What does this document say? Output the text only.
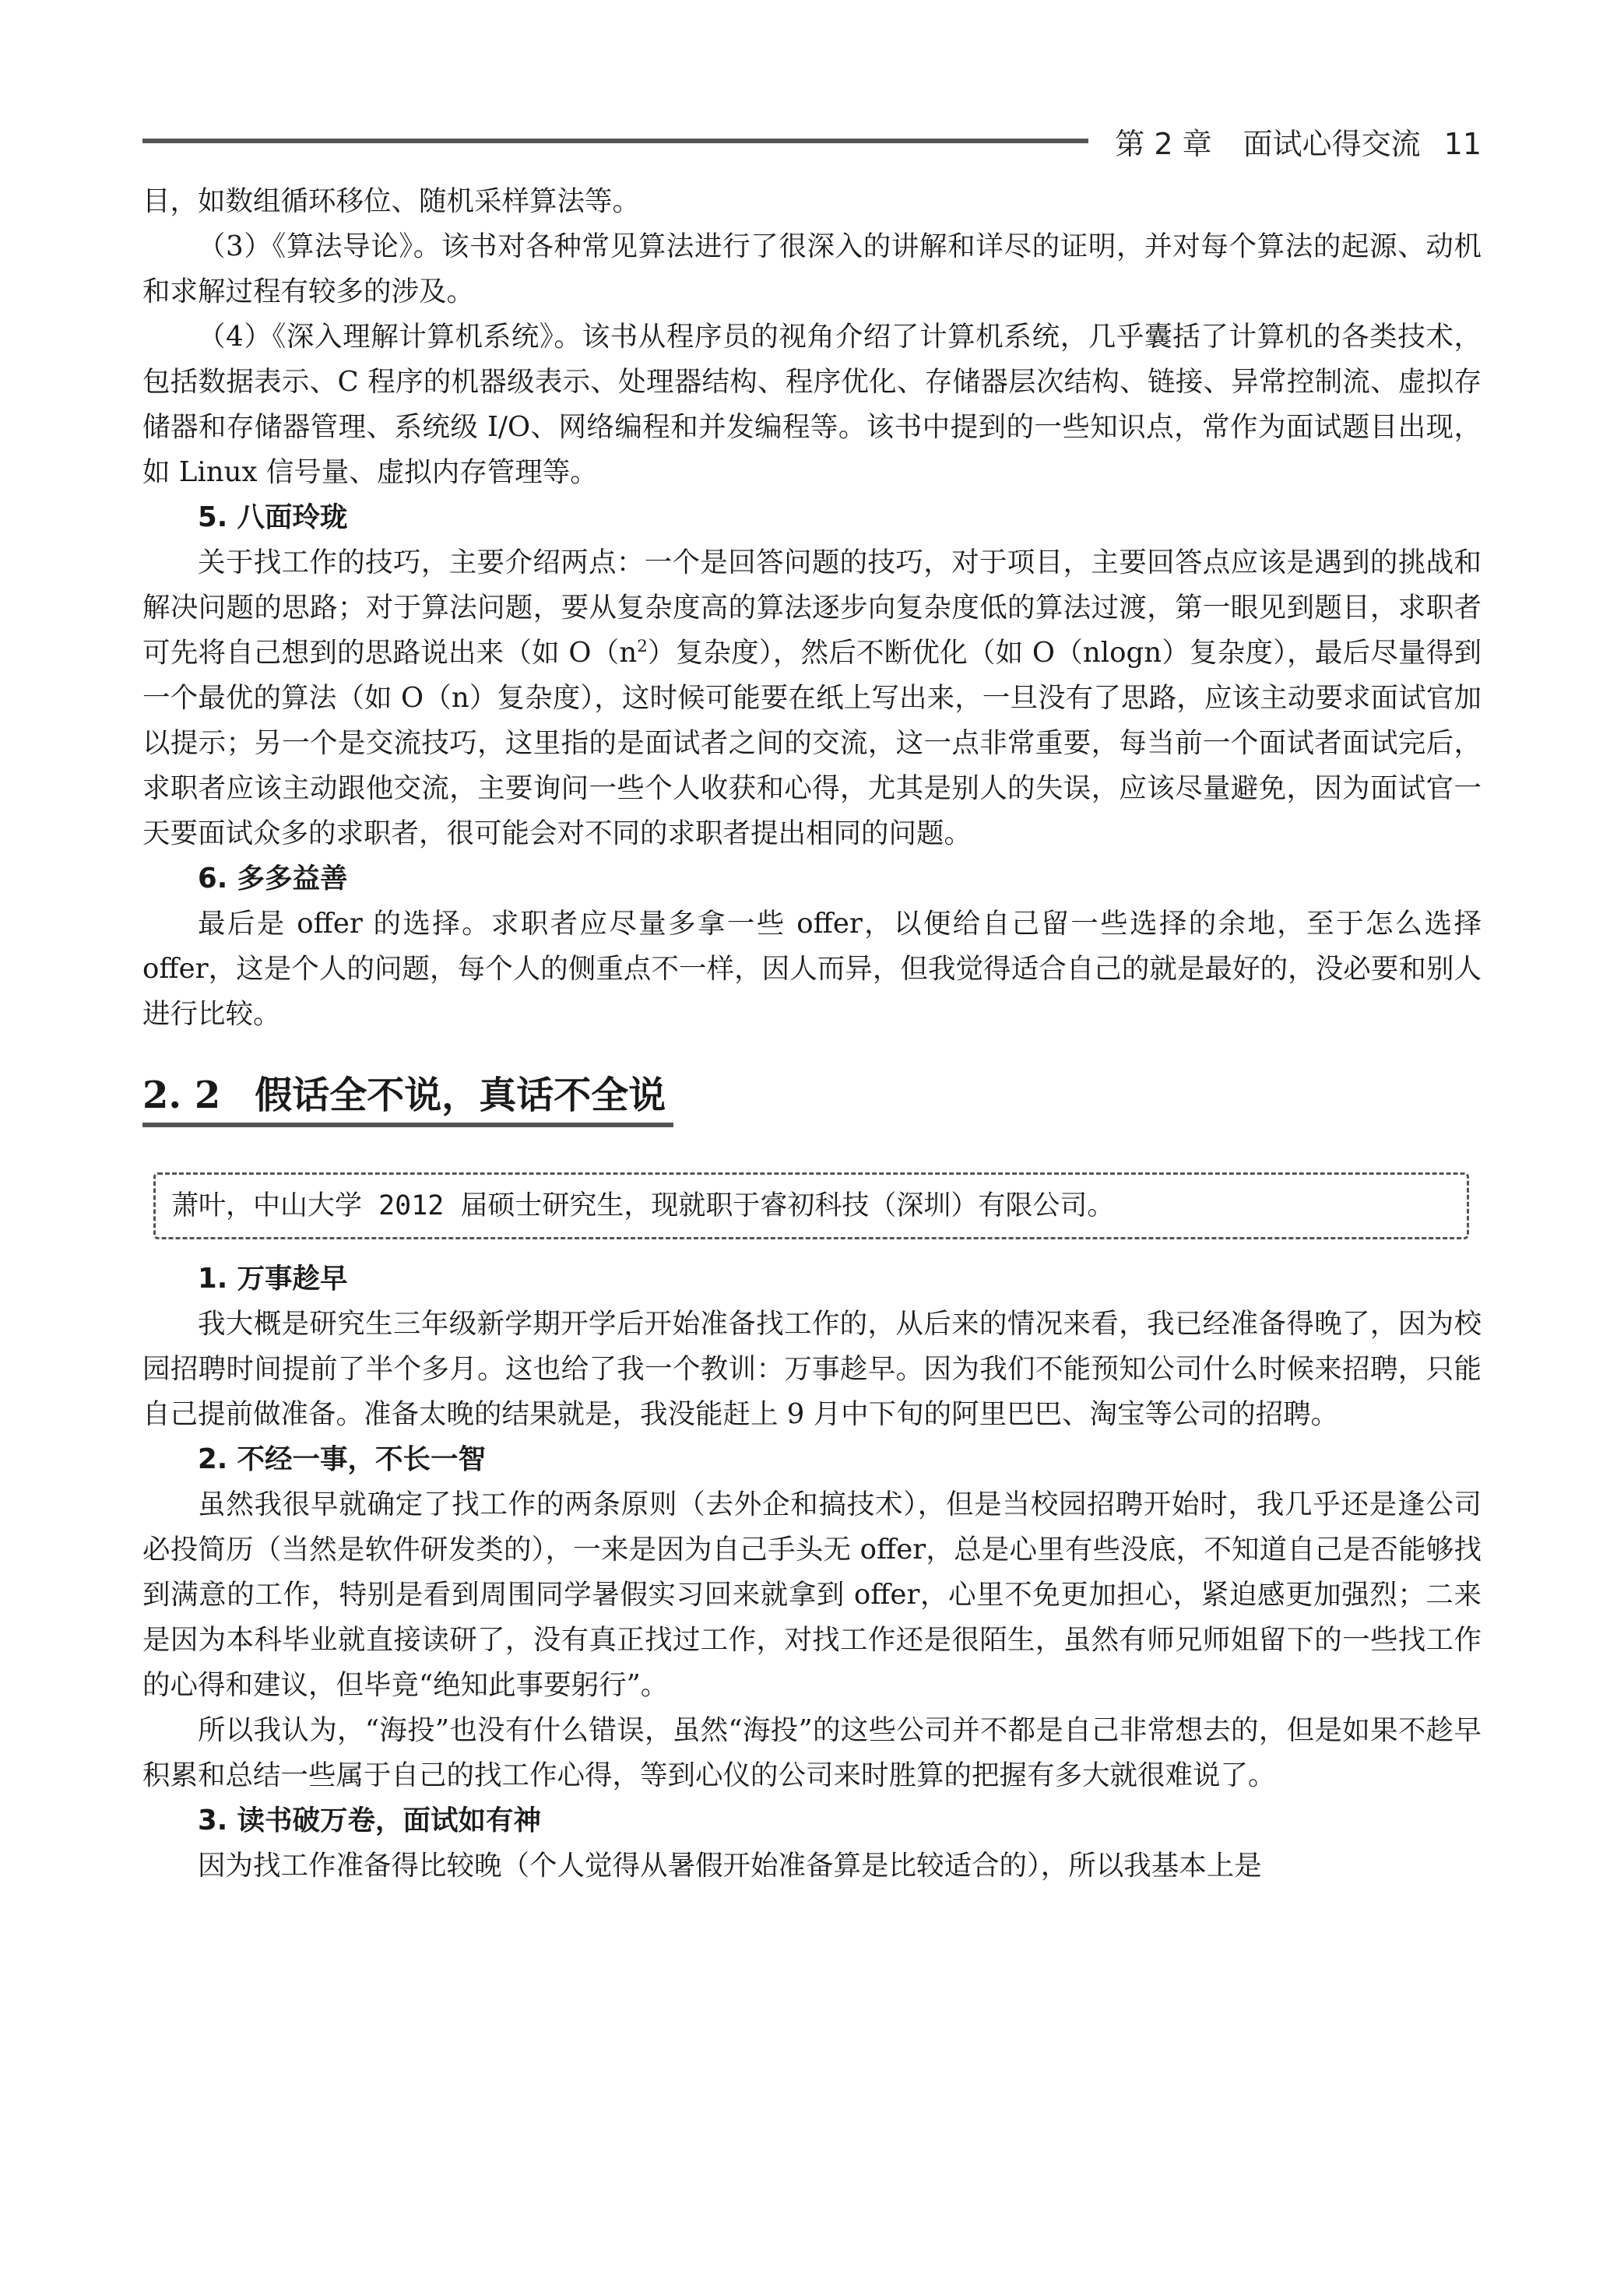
第 2 章 面试心得交流 11

目，如数组循环移位、随机采样算法等。

（3）《算法导论》。该书对各种常见算法进行了很深入的讲解和详尽的证明，并对每个算法的起源、动机和求解过程有较多的涉及。

（4）《深入理解计算机系统》。该书从程序员的视角介绍了计算机系统，几乎囊括了计算机的各类技术，包括数据表示、C 程序的机器级表示、处理器结构、程序优化、存储器层次结构、链接、异常控制流、虚拟存储器和存储器管理、系统级 I/O、网络编程和并发编程等。该书中提到的一些知识点，常作为面试题目出现，如 Linux 信号量、虚拟内存管理等。

5. 八面玲珑

关于找工作的技巧，主要介绍两点：一个是回答问题的技巧，对于项目，主要回答点应该是遇到的挑战和解决问题的思路；对于算法问题，要从复杂度高的算法逐步向复杂度低的算法过渡，第一眼见到题目，求职者可先将自己想到的思路说出来（如 $O(n^2)$复杂度），然后不断优化（如 O（nlogn）复杂度），最后尽量得到一个最优的算法（如 O（n）复杂度），这时候可能要在纸上写出来，一旦没有了思路，应该主动要求面试官加以提示；另一个是交流技巧，这里指的是面试者之间的交流，这一点非常重要，每当前一个面试者面试完后，求职者应该主动跟他交流，主要询问一些个人收获和心得，尤其是别人的失误，应该尽量避免，因为面试官一天要面试众多的求职者，很可能会对不同的求职者提出相同的问题。

6. 多多益善

最后是 offer 的选择。求职者应尽量多拿一些 offer，以便给自己留一些选择的余地，至于怎么选择 offer，这是个人的问题，每个人的侧重点不一样，因人而异，但我觉得适合自己的就是最好的，没必要和别人进行比较。

2. 2 假话全不说，真话不全说
萧叶，中山大学 2012 届硕士研究生，现就职于睿初科技（深圳）有限公司。
1. 万事趁早

我大概是研究生三年级新学期开学后开始准备找工作的，从后来的情况来看，我已经准备得晚了，因为校园招聘时间提前了半个多月。这也给了我一个教训：万事趁早。因为我们不能预知公司什么时候来招聘，只能自己提前做准备。准备太晚的结果就是，我没能赶上 9 月中下旬的阿里巴巴、淘宝等公司的招聘。

2. 不经一事，不长一智

虽然我很早就确定了找工作的两条原则（去外企和搞技术），但是当校园招聘开始时，我几乎还是逢公司必投简历（当然是软件研发类的），一来是因为自己手头无 offer，总是心里有些没底，不知道自己是否能够找到满意的工作，特别是看到周围同学暑假实习回来就拿到 offer，心里不免更加担心，紧迫感更加强烈；二来是因为本科毕业就直接读研了，没有真正找过工作，对找工作还是很陌生，虽然有师兄师姐留下的一些找工作的心得和建议，但毕竟“绝知此事要躬行”。

所以我认为，“海投”也没有什么错误，虽然“海投”的这些公司并不都是自己非常想去的，但是如果不趁早积累和总结一些属于自己的找工作心得，等到心仪的公司来时胜算的把握有多大就很难说了。

3. 读书破万卷，面试如有神

因为找工作准备得比较晚（个人觉得从暑假开始准备算是比较适合的），所以我基本上是
